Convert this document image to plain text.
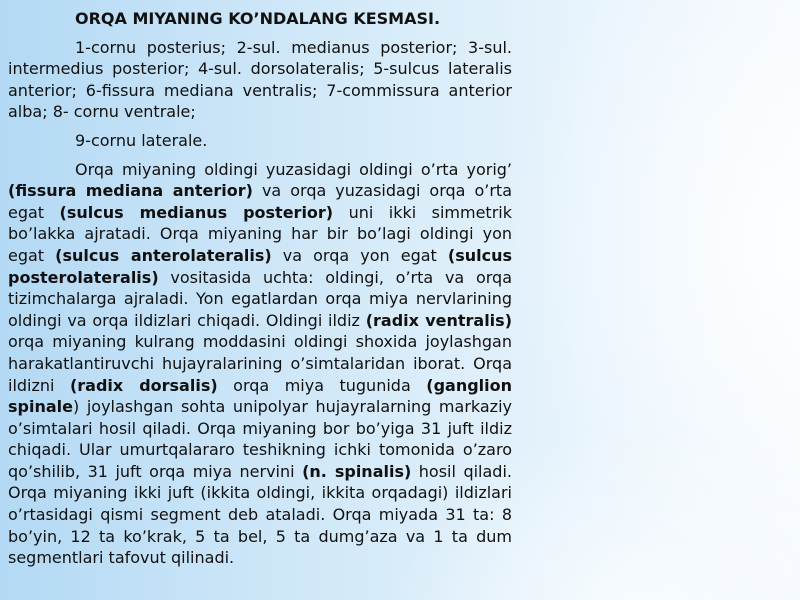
ORQA MIYANING KO’NDALANG KESMASI.

1-cornu posterius; 2-sul. medianus posterior; 3-sul. intermedius posterior; 4-sul. dorsolateralis; 5-sulcus lateralis anterior; 6-fissura mediana ventralis; 7-commissura anterior alba; 8- cornu ventrale;

9-cornu laterale.

Orqa miyaning oldingi yuzasidagi oldingi o’rta yorig’ (fissura mediana anterior) va orqa yuzasidagi orqa o’rta egat (sulcus medianus posterior) uni ikki simmetrik bo’lakka ajratadi. Orqa miyaning har bir bo’lagi oldingi yon egat (sulcus anterolateralis) va orqa yon egat (sulcus posterolateralis) vositasida uchta: oldingi, o’rta va orqa tizimchalarga ajraladi. Yon egatlardan orqa miya nervlarining oldingi va orqa ildizlari chiqadi. Oldingi ildiz (radix ventralis) orqa miyaning kulrang moddasini oldingi shoxida joylashgan harakatlantiruvchi hujayralarining o’simtalaridan iborat. Orqa ildizni (radix dorsalis) orqa miya tugunida (ganglion spinale) joylashgan sohta unipolyar hujayralarning markaziy o’simtalari hosil qiladi. Orqa miyaning bor bo’yiga 31 juft ildiz chiqadi. Ular umurtqalararo teshikning ichki tomonida o’zaro qo’shilib, 31 juft orqa miya nervini (n. spinalis) hosil qiladi. Orqa miyaning ikki juft (ikkita oldingi, ikkita orqadagi) ildizlari o’rtasidagi qismi segment deb ataladi. Orqa miyada 31 ta: 8 bo’yin, 12 ta ko’krak, 5 ta bel, 5 ta dumg’aza va 1 ta dum segmentlari tafovut qilinadi.
